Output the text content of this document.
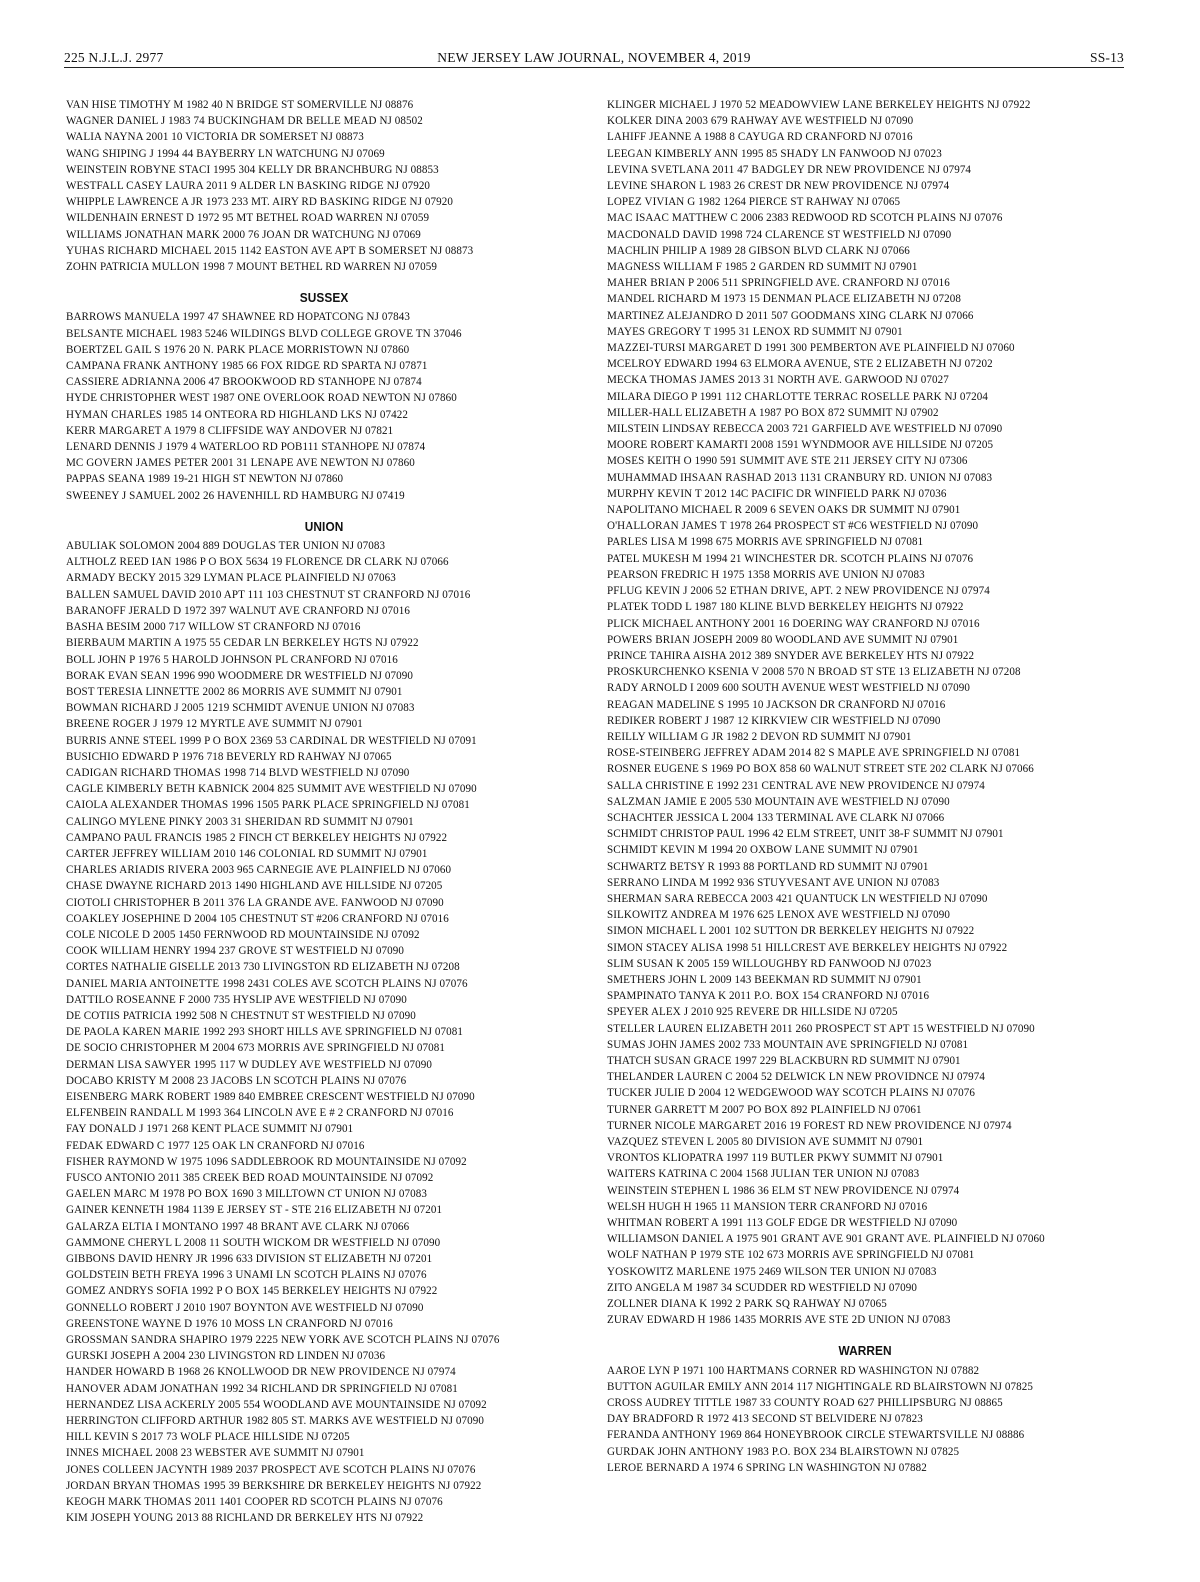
225 N.J.L.J. 2977	NEW JERSEY LAW JOURNAL, NOVEMBER 4, 2019	SS-13
VAN HISE TIMOTHY M 1982 40 N BRIDGE ST SOMERVILLE NJ 08876
WAGNER DANIEL J 1983 74 BUCKINGHAM DR BELLE MEAD NJ 08502
WALIA NAYNA 2001 10 VICTORIA DR SOMERSET NJ 08873
WANG SHIPING J 1994 44 BAYBERRY LN WATCHUNG NJ 07069
WEINSTEIN ROBYNE STACI 1995 304 KELLY DR BRANCHBURG NJ 08853
WESTFALL CASEY LAURA 2011 9 ALDER LN BASKING RIDGE NJ 07920
WHIPPLE LAWRENCE A JR 1973 233 MT. AIRY RD BASKING RIDGE NJ 07920
WILDENHAIN ERNEST D 1972 95 MT BETHEL ROAD WARREN NJ 07059
WILLIAMS JONATHAN MARK 2000 76 JOAN DR WATCHUNG NJ 07069
YUHAS RICHARD MICHAEL 2015 1142 EASTON AVE APT B SOMERSET NJ 08873
ZOHN PATRICIA MULLON 1998 7 MOUNT BETHEL RD WARREN NJ 07059
SUSSEX
BARROWS MANUELA 1997 47 SHAWNEE RD HOPATCONG NJ 07843
BELSANTE MICHAEL 1983 5246 WILDINGS BLVD COLLEGE GROVE TN 37046
BOERTZEL GAIL S 1976 20 N. PARK PLACE MORRISTOWN NJ 07860
CAMPANA FRANK ANTHONY 1985 66 FOX RIDGE RD SPARTA NJ 07871
CASSIERE ADRIANNA 2006 47 BROOKWOOD RD STANHOPE NJ 07874
HYDE CHRISTOPHER WEST 1987 ONE OVERLOOK ROAD NEWTON NJ 07860
HYMAN CHARLES 1985 14 ONTEORA RD HIGHLAND LKS NJ 07422
KERR MARGARET A 1979 8 CLIFFSIDE WAY ANDOVER NJ 07821
LENARD DENNIS J 1979 4 WATERLOO RD POB111 STANHOPE NJ 07874
MC GOVERN JAMES PETER 2001 31 LENAPE AVE NEWTON NJ 07860
PAPPAS SEANA 1989 19-21 HIGH ST NEWTON NJ 07860
SWEENEY J SAMUEL 2002 26 HAVENHILL RD HAMBURG NJ 07419
UNION
ABULIAK SOLOMON 2004 889 DOUGLAS TER UNION NJ 07083
ALTHOLZ REED IAN 1986 P O BOX 5634 19 FLORENCE DR CLARK NJ 07066
ARMADY BECKY 2015 329 LYMAN PLACE PLAINFIELD NJ 07063
BALLEN SAMUEL DAVID 2010 APT 111 103 CHESTNUT ST CRANFORD NJ 07016
BARANOFF JERALD D 1972 397 WALNUT AVE CRANFORD NJ 07016
BASHA BESIM 2000 717 WILLOW ST CRANFORD NJ 07016
BIERBAUM MARTIN A 1975 55 CEDAR LN BERKELEY HGTS NJ 07922
BOLL JOHN P 1976 5 HAROLD JOHNSON PL CRANFORD NJ 07016
BORAK EVAN SEAN 1996 990 WOODMERE DR WESTFIELD NJ 07090
BOST TERESIA LINNETTE 2002 86 MORRIS AVE SUMMIT NJ 07901
BOWMAN RICHARD J 2005 1219 SCHMIDT AVENUE UNION NJ 07083
BREENE ROGER J 1979 12 MYRTLE AVE SUMMIT NJ 07901
BURRIS ANNE STEEL 1999 P O BOX 2369 53 CARDINAL DR WESTFIELD NJ 07091
BUSICHIO EDWARD P 1976 718 BEVERLY RD RAHWAY NJ 07065
CADIGAN RICHARD THOMAS 1998 714 BLVD WESTFIELD NJ 07090
CAGLE KIMBERLY BETH KABNICK 2004 825 SUMMIT AVE WESTFIELD NJ 07090
CAIOLA ALEXANDER THOMAS 1996 1505 PARK PLACE SPRINGFIELD NJ 07081
CALINGO MYLENE PINKY 2003 31 SHERIDAN RD SUMMIT NJ 07901
CAMPANO PAUL FRANCIS 1985 2 FINCH CT BERKELEY HEIGHTS NJ 07922
CARTER JEFFREY WILLIAM 2010 146 COLONIAL RD SUMMIT NJ 07901
CHARLES ARIADIS RIVERA 2003 965 CARNEGIE AVE PLAINFIELD NJ 07060
CHASE DWAYNE RICHARD 2013 1490 HIGHLAND AVE HILLSIDE NJ 07205
CIOTOLI CHRISTOPHER B 2011 376 LA GRANDE AVE. FANWOOD NJ 07090
COAKLEY JOSEPHINE D 2004 105 CHESTNUT ST #206 CRANFORD NJ 07016
COLE NICOLE D 2005 1450 FERNWOOD RD MOUNTAINSIDE NJ 07092
COOK WILLIAM HENRY 1994 237 GROVE ST WESTFIELD NJ 07090
CORTES NATHALIE GISELLE 2013 730 LIVINGSTON RD ELIZABETH NJ 07208
DANIEL MARIA ANTOINETTE 1998 2431 COLES AVE SCOTCH PLAINS NJ 07076
DATTILO ROSEANNE F 2000 735 HYSLIP AVE WESTFIELD NJ 07090
DE COTIIS PATRICIA 1992 508 N CHESTNUT ST WESTFIELD NJ 07090
DE PAOLA KAREN MARIE 1992 293 SHORT HILLS AVE SPRINGFIELD NJ 07081
DE SOCIO CHRISTOPHER M 2004 673 MORRIS AVE SPRINGFIELD NJ 07081
DERMAN LISA SAWYER 1995 117 W DUDLEY AVE WESTFIELD NJ 07090
DOCABO KRISTY M 2008 23 JACOBS LN SCOTCH PLAINS NJ 07076
EISENBERG MARK ROBERT 1989 840 EMBREE CRESCENT WESTFIELD NJ 07090
ELFENBEIN RANDALL M 1993 364 LINCOLN AVE E # 2 CRANFORD NJ 07016
FAY DONALD J 1971 268 KENT PLACE SUMMIT NJ 07901
FEDAK EDWARD C 1977 125 OAK LN CRANFORD NJ 07016
FISHER RAYMOND W 1975 1096 SADDLEBROOK RD MOUNTAINSIDE NJ 07092
FUSCO ANTONIO 2011 385 CREEK BED ROAD MOUNTAINSIDE NJ 07092
GAELEN MARC M 1978 PO BOX 1690 3 MILLTOWN CT UNION NJ 07083
GAINER KENNETH 1984 1139 E JERSEY ST - STE 216 ELIZABETH NJ 07201
GALARZA ELTIA I MONTANO 1997 48 BRANT AVE CLARK NJ 07066
GAMMONE CHERYL L 2008 11 SOUTH WICKOM DR WESTFIELD NJ 07090
GIBBONS DAVID HENRY JR 1996 633 DIVISION ST ELIZABETH NJ 07201
GOLDSTEIN BETH FREYA 1996 3 UNAMI LN SCOTCH PLAINS NJ 07076
GOMEZ ANDRYS SOFIA 1992 P O BOX 145 BERKELEY HEIGHTS NJ 07922
GONNELLO ROBERT J 2010 1907 BOYNTON AVE WESTFIELD NJ 07090
GREENSTONE WAYNE D 1976 10 MOSS LN CRANFORD NJ 07016
GROSSMAN SANDRA SHAPIRO 1979 2225 NEW YORK AVE SCOTCH PLAINS NJ 07076
GURSKI JOSEPH A 2004 230 LIVINGSTON RD LINDEN NJ 07036
HANDER HOWARD B 1968 26 KNOLLWOOD DR NEW PROVIDENCE NJ 07974
HANOVER ADAM JONATHAN 1992 34 RICHLAND DR SPRINGFIELD NJ 07081
HERNANDEZ LISA ACKERLY 2005 554 WOODLAND AVE MOUNTAINSIDE NJ 07092
HERRINGTON CLIFFORD ARTHUR 1982 805 ST. MARKS AVE WESTFIELD NJ 07090
HILL KEVIN S 2017 73 WOLF PLACE HILLSIDE NJ 07205
INNES MICHAEL 2008 23 WEBSTER AVE SUMMIT NJ 07901
JONES COLLEEN JACYNTH 1989 2037 PROSPECT AVE SCOTCH PLAINS NJ 07076
JORDAN BRYAN THOMAS 1995 39 BERKSHIRE DR BERKELEY HEIGHTS NJ 07922
KEOGH MARK THOMAS 2011 1401 COOPER RD SCOTCH PLAINS NJ 07076
KIM JOSEPH YOUNG 2013 88 RICHLAND DR BERKELEY HTS NJ 07922
KLINGER MICHAEL J 1970 52 MEADOWVIEW LANE BERKELEY HEIGHTS NJ 07922
KOLKER DINA 2003 679 RAHWAY AVE WESTFIELD NJ 07090
LAHIFF JEANNE A 1988 8 CAYUGA RD CRANFORD NJ 07016
LEEGAN KIMBERLY ANN 1995 85 SHADY LN FANWOOD NJ 07023
LEVINA SVETLANA 2011 47 BADGLEY DR NEW PROVIDENCE NJ 07974
LEVINE SHARON L 1983 26 CREST DR NEW PROVIDENCE NJ 07974
LOPEZ VIVIAN G 1982 1264 PIERCE ST RAHWAY NJ 07065
MAC ISAAC MATTHEW C 2006 2383 REDWOOD RD SCOTCH PLAINS NJ 07076
MACDONALD DAVID 1998 724 CLARENCE ST WESTFIELD NJ 07090
MACHLIN PHILIP A 1989 28 GIBSON BLVD CLARK NJ 07066
MAGNESS WILLIAM F 1985 2 GARDEN RD SUMMIT NJ 07901
MAHER BRIAN P 2006 511 SPRINGFIELD AVE. CRANFORD NJ 07016
MANDEL RICHARD M 1973 15 DENMAN PLACE ELIZABETH NJ 07208
MARTINEZ ALEJANDRO D 2011 507 GOODMANS XING CLARK NJ 07066
MAYES GREGORY T 1995 31 LENOX RD SUMMIT NJ 07901
MAZZEI-TURSI MARGARET D 1991 300 PEMBERTON AVE PLAINFIELD NJ 07060
MCELROY EDWARD 1994 63 ELMORA AVENUE, STE 2 ELIZABETH NJ 07202
MECKA THOMAS JAMES 2013 31 NORTH AVE. GARWOOD NJ 07027
MILARA DIEGO P 1991 112 CHARLOTTE TERRAC ROSELLE PARK NJ 07204
MILLER-HALL ELIZABETH A 1987 PO BOX 872 SUMMIT NJ 07902
MILSTEIN LINDSAY REBECCA 2003 721 GARFIELD AVE WESTFIELD NJ 07090
MOORE ROBERT KAMARTI 2008 1591 WYNDMOOR AVE HILLSIDE NJ 07205
MOSES KEITH O 1990 591 SUMMIT AVE STE 211 JERSEY CITY NJ 07306
MUHAMMAD IHSAAN RASHAD 2013 1131 CRANBURY RD. UNION NJ 07083
MURPHY KEVIN T 2012 14C PACIFIC DR WINFIELD PARK NJ 07036
NAPOLITANO MICHAEL R 2009 6 SEVEN OAKS DR SUMMIT NJ 07901
O'HALLORAN JAMES T 1978 264 PROSPECT ST #C6 WESTFIELD NJ 07090
PARLES LISA M 1998 675 MORRIS AVE SPRINGFIELD NJ 07081
PATEL MUKESH M 1994 21 WINCHESTER DR. SCOTCH PLAINS NJ 07076
PEARSON FREDRIC H 1975 1358 MORRIS AVE UNION NJ 07083
PFLUG KEVIN J 2006 52 ETHAN DRIVE, APT. 2 NEW PROVIDENCE NJ 07974
PLATEK TODD L 1987 180 KLINE BLVD BERKELEY HEIGHTS NJ 07922
PLICK MICHAEL ANTHONY 2001 16 DOERING WAY CRANFORD NJ 07016
POWERS BRIAN JOSEPH 2009 80 WOODLAND AVE SUMMIT NJ 07901
PRINCE TAHIRA AISHA 2012 389 SNYDER AVE BERKELEY HTS NJ 07922
PROSKURCHENKO KSENIA V 2008 570 N BROAD ST STE 13 ELIZABETH NJ 07208
RADY ARNOLD I 2009 600 SOUTH AVENUE WEST WESTFIELD NJ 07090
REAGAN MADELINE S 1995 10 JACKSON DR CRANFORD NJ 07016
REDIKER ROBERT J 1987 12 KIRKVIEW CIR WESTFIELD NJ 07090
REILLY WILLIAM G JR 1982 2 DEVON RD SUMMIT NJ 07901
ROSE-STEINBERG JEFFREY ADAM 2014 82 S MAPLE AVE SPRINGFIELD NJ 07081
ROSNER EUGENE S 1969 PO BOX 858 60 WALNUT STREET STE 202 CLARK NJ 07066
SALLA CHRISTINE E 1992 231 CENTRAL AVE NEW PROVIDENCE NJ 07974
SALZMAN JAMIE E 2005 530 MOUNTAIN AVE WESTFIELD NJ 07090
SCHACHTER JESSICA L 2004 133 TERMINAL AVE CLARK NJ 07066
SCHMIDT CHRISTOP PAUL 1996 42 ELM STREET, UNIT 38-F SUMMIT NJ 07901
SCHMIDT KEVIN M 1994 20 OXBOW LANE SUMMIT NJ 07901
SCHWARTZ BETSY R 1993 88 PORTLAND RD SUMMIT NJ 07901
SERRANO LINDA M 1992 936 STUYVESANT AVE UNION NJ 07083
SHERMAN SARA REBECCA 2003 421 QUANTUCK LN WESTFIELD NJ 07090
SILKOWITZ ANDREA M 1976 625 LENOX AVE WESTFIELD NJ 07090
SIMON MICHAEL L 2001 102 SUTTON DR BERKELEY HEIGHTS NJ 07922
SIMON STACEY ALISA 1998 51 HILLCREST AVE BERKELEY HEIGHTS NJ 07922
SLIM SUSAN K 2005 159 WILLOUGHBY RD FANWOOD NJ 07023
SMETHERS JOHN L 2009 143 BEEKMAN RD SUMMIT NJ 07901
SPAMPINATO TANYA K 2011 P.O. BOX 154 CRANFORD NJ 07016
SPEYER ALEX J 2010 925 REVERE DR HILLSIDE NJ 07205
STELLER LAUREN ELIZABETH 2011 260 PROSPECT ST APT 15 WESTFIELD NJ 07090
SUMAS JOHN JAMES 2002 733 MOUNTAIN AVE SPRINGFIELD NJ 07081
THATCH SUSAN GRACE 1997 229 BLACKBURN RD SUMMIT NJ 07901
THELANDER LAUREN C 2004 52 DELWICK LN NEW PROVIDNCE NJ 07974
TUCKER JULIE D 2004 12 WEDGEWOOD WAY SCOTCH PLAINS NJ 07076
TURNER GARRETT M 2007 PO BOX 892 PLAINFIELD NJ 07061
TURNER NICOLE MARGARET 2016 19 FOREST RD NEW PROVIDENCE NJ 07974
VAZQUEZ STEVEN L 2005 80 DIVISION AVE SUMMIT NJ 07901
VRONTOS KLIOPATRA 1997 119 BUTLER PKWY SUMMIT NJ 07901
WAITERS KATRINA C 2004 1568 JULIAN TER UNION NJ 07083
WEINSTEIN STEPHEN L 1986 36 ELM ST NEW PROVIDENCE NJ 07974
WELSH HUGH H 1965 11 MANSION TERR CRANFORD NJ 07016
WHITMAN ROBERT A 1991 113 GOLF EDGE DR WESTFIELD NJ 07090
WILLIAMSON DANIEL A 1975 901 GRANT AVE 901 GRANT AVE. PLAINFIELD NJ 07060
WOLF NATHAN P 1979 STE 102 673 MORRIS AVE SPRINGFIELD NJ 07081
YOSKOWITZ MARLENE 1975 2469 WILSON TER UNION NJ 07083
ZITO ANGELA M 1987 34 SCUDDER RD WESTFIELD NJ 07090
ZOLLNER DIANA K 1992 2 PARK SQ RAHWAY NJ 07065
ZURAV EDWARD H 1986 1435 MORRIS AVE STE 2D UNION NJ 07083
WARREN
AAROE LYN P 1971 100 HARTMANS CORNER RD WASHINGTON NJ 07882
BUTTON AGUILAR EMILY ANN 2014 117 NIGHTINGALE RD BLAIRSTOWN NJ 07825
CROSS AUDREY TITTLE 1987 33 COUNTY ROAD 627 PHILLIPSBURG NJ 08865
DAY BRADFORD R 1972 413 SECOND ST BELVIDERE NJ 07823
FERANDA ANTHONY 1969 864 HONEYBROOK CIRCLE STEWARTSVILLE NJ 08886
GURDAK JOHN ANTHONY 1983 P.O. BOX 234 BLAIRSTOWN NJ 07825
LEROE BERNARD A 1974 6 SPRING LN WASHINGTON NJ 07882
